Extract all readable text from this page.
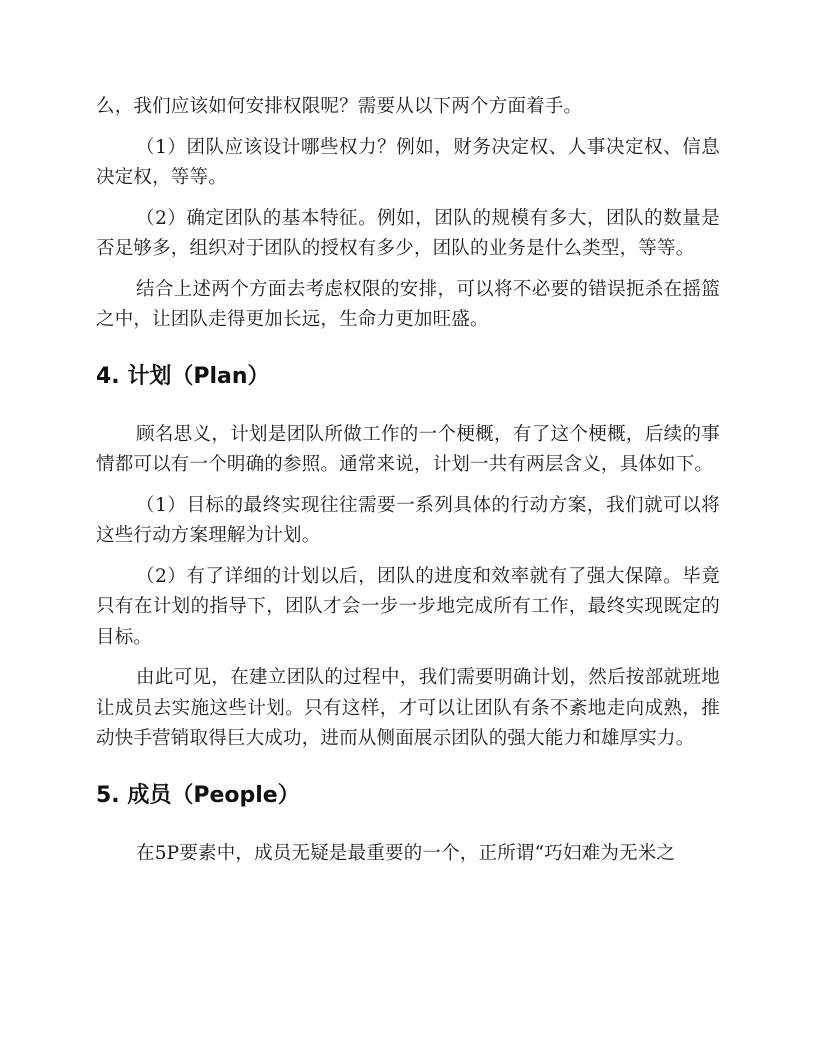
么，我们应该如何安排权限呢？需要从以下两个方面着手。

（1）团队应该设计哪些权力？例如，财务决定权、人事决定权、信息决定权，等等。

（2）确定团队的基本特征。例如，团队的规模有多大，团队的数量是否足够多，组织对于团队的授权有多少，团队的业务是什么类型，等等。

结合上述两个方面去考虑权限的安排，可以将不必要的错误扼杀在摇篮之中，让团队走得更加长远，生命力更加旺盛。

4. 计划（Plan）

顾名思义，计划是团队所做工作的一个梗概，有了这个梗概，后续的事情都可以有一个明确的参照。通常来说，计划一共有两层含义，具体如下。

（1）目标的最终实现往往需要一系列具体的行动方案，我们就可以将这些行动方案理解为计划。

（2）有了详细的计划以后，团队的进度和效率就有了强大保障。毕竟只有在计划的指导下，团队才会一步一步地完成所有工作，最终实现既定的目标。

由此可见，在建立团队的过程中，我们需要明确计划，然后按部就班地让成员去实施这些计划。只有这样，才可以让团队有条不紊地走向成熟，推动快手营销取得巨大成功，进而从侧面展示团队的强大能力和雄厚实力。

5. 成员（People）

在5P要素中，成员无疑是最重要的一个，正所谓“巧妇难为无米之
